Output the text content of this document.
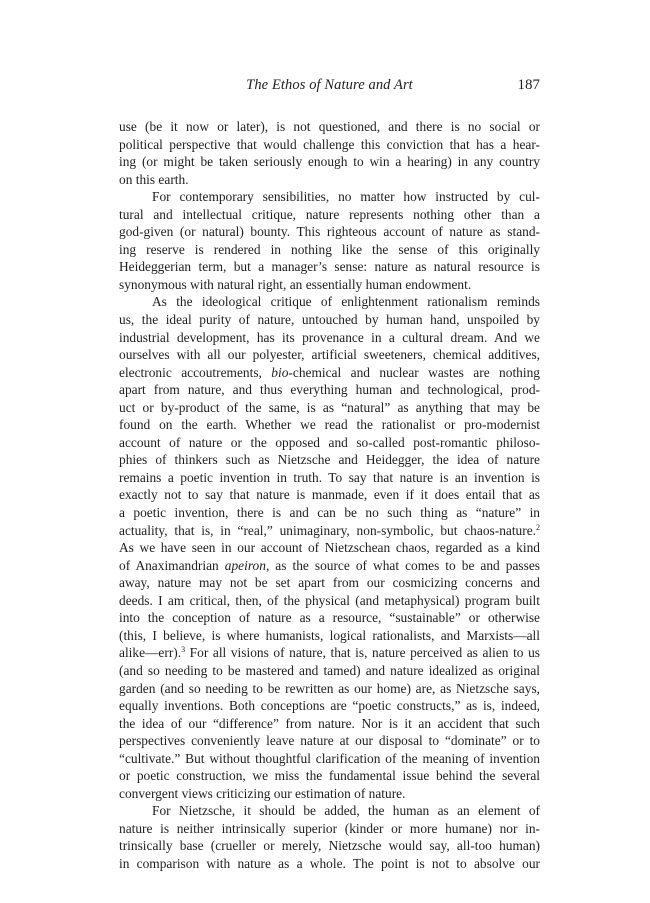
The Ethos of Nature and Art	187
use (be it now or later), is not questioned, and there is no social or
political perspective that would challenge this conviction that has a hear-
ing (or might be taken seriously enough to win a hearing) in any country
on this earth.
For contemporary sensibilities, no matter how instructed by cul-
tural and intellectual critique, nature represents nothing other than a
god-given (or natural) bounty. This righteous account of nature as stand-
ing reserve is rendered in nothing like the sense of this originally
Heideggerian term, but a manager’s sense: nature as natural resource is
synonymous with natural right, an essentially human endowment.
As the ideological critique of enlightenment rationalism reminds
us, the ideal purity of nature, untouched by human hand, unspoiled by
industrial development, has its provenance in a cultural dream. And we
ourselves with all our polyester, artificial sweeteners, chemical additives,
electronic accoutrements, bio-chemical and nuclear wastes are nothing
apart from nature, and thus everything human and technological, prod-
uct or by-product of the same, is as “natural” as anything that may be
found on the earth. Whether we read the rationalist or pro-modernist
account of nature or the opposed and so-called post-romantic philoso-
phies of thinkers such as Nietzsche and Heidegger, the idea of nature
remains a poetic invention in truth. To say that nature is an invention is
exactly not to say that nature is manmade, even if it does entail that as
a poetic invention, there is and can be no such thing as “nature” in
actuality, that is, in “real,” unimaginary, non-symbolic, but chaos-nature.$^2$
As we have seen in our account of Nietzschean chaos, regarded as a kind
of Anaximandrian apeiron, as the source of what comes to be and passes
away, nature may not be set apart from our cosmicizing concerns and
deeds. I am critical, then, of the physical (and metaphysical) program built
into the conception of nature as a resource, “sustainable” or otherwise
(this, I believe, is where humanists, logical rationalists, and Marxists—all
alike—err).$^3$ For all visions of nature, that is, nature perceived as alien to us
(and so needing to be mastered and tamed) and nature idealized as original
garden (and so needing to be rewritten as our home) are, as Nietzsche says,
equally inventions. Both conceptions are “poetic constructs,” as is, indeed,
the idea of our “difference” from nature. Nor is it an accident that such
perspectives conveniently leave nature at our disposal to “dominate” or to
“cultivate.” But without thoughtful clarification of the meaning of invention
or poetic construction, we miss the fundamental issue behind the several
convergent views criticizing our estimation of nature.
For Nietzsche, it should be added, the human as an element of
nature is neither intrinsically superior (kinder or more humane) nor in-
trinsically base (crueller or merely, Nietzsche would say, all-too human)
in comparison with nature as a whole. The point is not to absolve our
